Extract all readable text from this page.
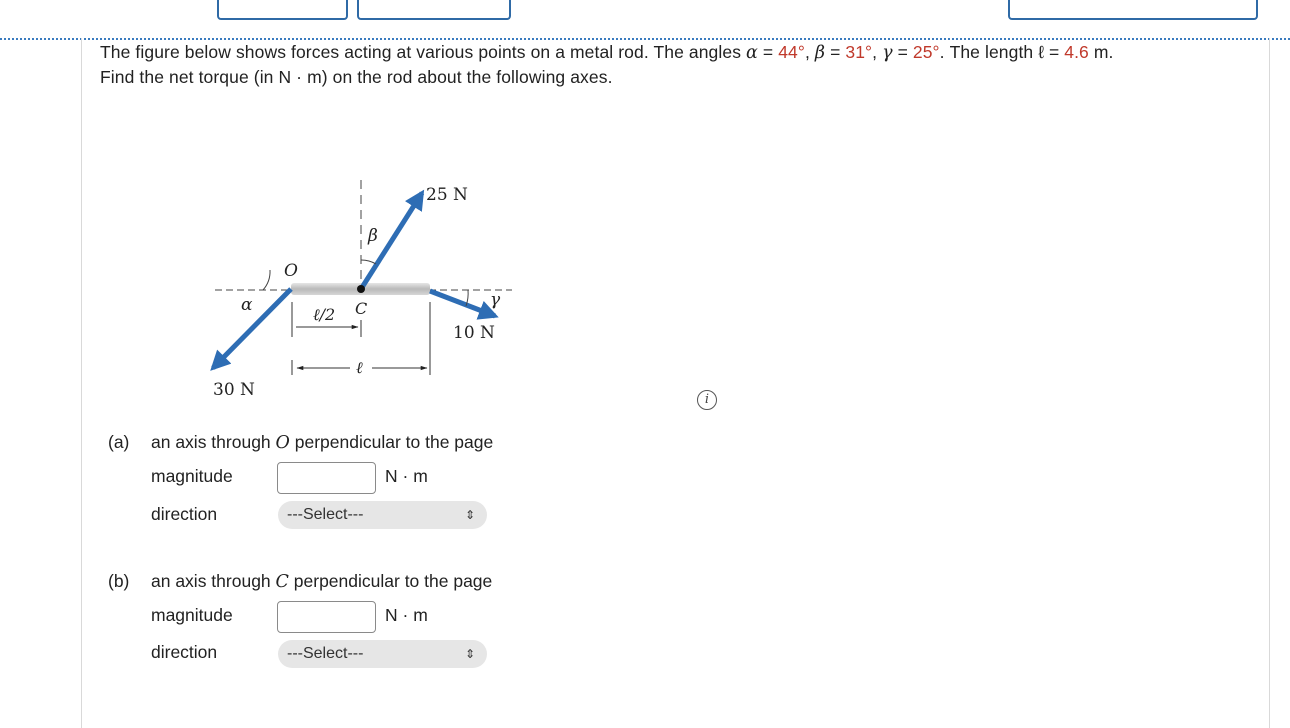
The figure below shows forces acting at various points on a metal rod. The angles α = 44°, β = 31°, γ = 25°. The length ℓ = 4.6 m.
Find the net torque (in N · m) on the rod about the following axes.
25 N
10 N
30 N
O
C
α
β
γ
ℓ/2
ℓ
i
(a) an axis through O perpendicular to the page
magnitude	N · m
direction	---Select---	⇕
(b) an axis through C perpendicular to the page
magnitude	N · m
direction	---Select---	⇕
